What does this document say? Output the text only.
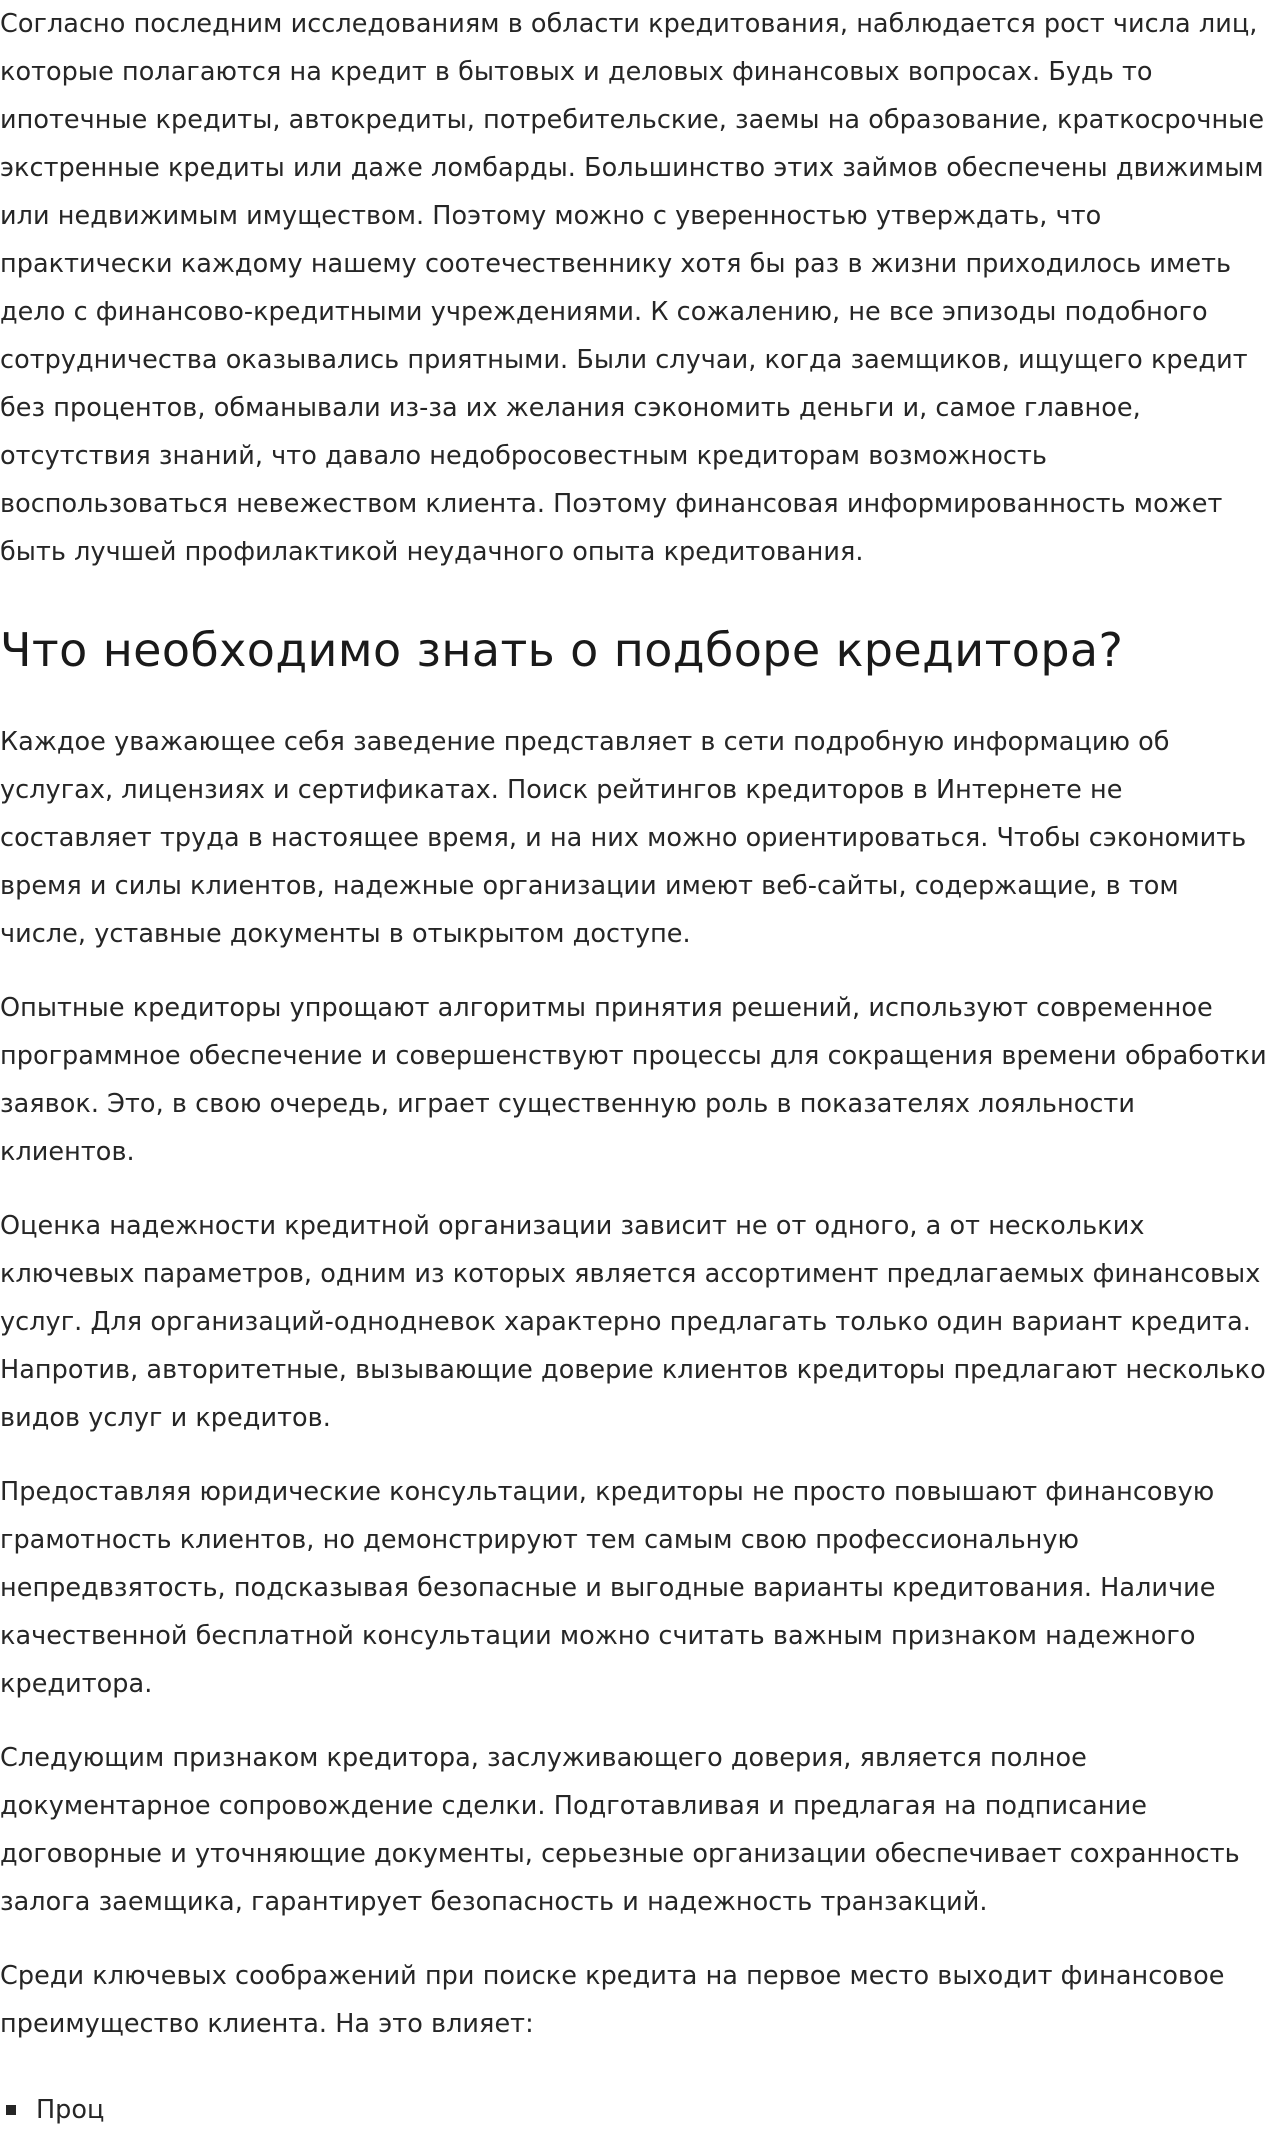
Согласно последним исследованиям в области кредитования, наблюдается рост числа лиц, которые полагаются на кредит в бытовых и деловых финансовых вопросах. Будь то ипотечные кредиты, автокредиты, потребительские, заемы на образование, краткосрочные экстренные кредиты или даже ломбарды. Большинство этих займов обеспечены движимым или недвижимым имуществом. Поэтому можно с уверенностью утверждать, что практически каждому нашему соотечественнику хотя бы раз в жизни приходилось иметь дело с финансово-кредитными учреждениями. К сожалению, не все эпизоды подобного сотрудничества оказывались приятными. Были случаи, когда заемщиков, ищущего кредит без процентов, обманывали из-за их желания сэкономить деньги и, самое главное, отсутствия знаний, что давало недобросовестным кредиторам возможность воспользоваться невежеством клиента. Поэтому финансовая информированность может быть лучшей профилактикой неудачного опыта кредитования.

Что необходимо знать о подборе кредитора?

Каждое уважающее себя заведение представляет в сети подробную информацию об услугах, лицензиях и сертификатах. Поиск рейтингов кредиторов в Интернете не составляет труда в настоящее время, и на них можно ориентироваться. Чтобы сэкономить время и силы клиентов, надежные организации имеют веб-сайты, содержащие, в том числе, уставные документы в отыкрытом доступе.

Опытные кредиторы упрощают алгоритмы принятия решений, используют современное программное обеспечение и совершенствуют процессы для сокращения времени обработки заявок. Это, в свою очередь, играет существенную роль в показателях лояльности клиентов.

Оценка надежности кредитной организации зависит не от одного, а от нескольких ключевых параметров, одним из которых является ассортимент предлагаемых финансовых услуг. Для организаций-однодневок характерно предлагать только один вариант кредита. Напротив, авторитетные, вызывающие доверие клиентов кредиторы предлагают несколько видов услуг и кредитов.

Предоставляя юридические консультации, кредиторы не просто повышают финансовую грамотность клиентов, но демонстрируют тем самым свою профессиональную непредвзятость, подсказывая безопасные и выгодные варианты кредитования. Наличие качественной бесплатной консультации можно считать важным признаком надежного кредитора.

Следующим признаком кредитора, заслуживающего доверия, является полное документарное сопровождение сделки. Подготавливая и предлагая на подписание договорные и уточняющие документы, серьезные организации обеспечивает сохранность залога заемщика, гарантирует безопасность и надежность транзакций.

Среди ключевых соображений при поиске кредита на первое место выходит финансовое преимущество клиента. На это влияет:

Проц
